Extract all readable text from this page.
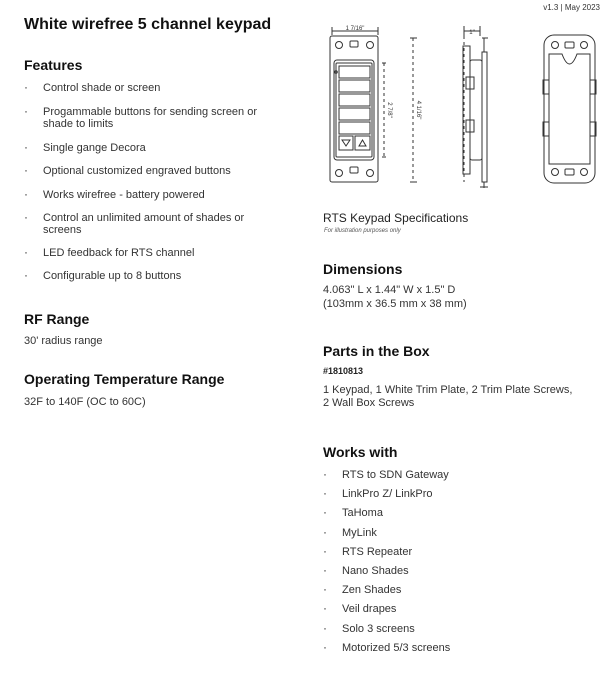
v1.3 | May 2023
White wirefree 5 channel keypad
Features
· Control shade or screen
· Progammable buttons for sending screen or shade to limits
· Single gange Decora
· Optional customized engraved buttons
· Works wirefree - battery powered
· Control an unlimited amount of shades or screens
· LED feedback for RTS channel
· Configurable up to 8 buttons
RF Range
30' radius range
Operating Temperature Range
32F to 140F (OC to 60C)
1 7/16"
1"
2 7/8"	4 1/16"
RTS Keypad Specifications
For illustration purposes only
Dimensions
4.063" L x 1.44" W x 1.5" D
(103mm x 36.5 mm x 38 mm)
Parts in the Box
#1810813
1 Keypad, 1 White Trim Plate, 2 Trim Plate Screws,
2 Wall Box Screws
Works with
· RTS to SDN Gateway
· LinkPro Z/ LinkPro
· TaHoma
· MyLink
· RTS Repeater
· Nano Shades
· Zen Shades
· Veil drapes
· Solo 3 screens
· Motorized 5/3 screens
